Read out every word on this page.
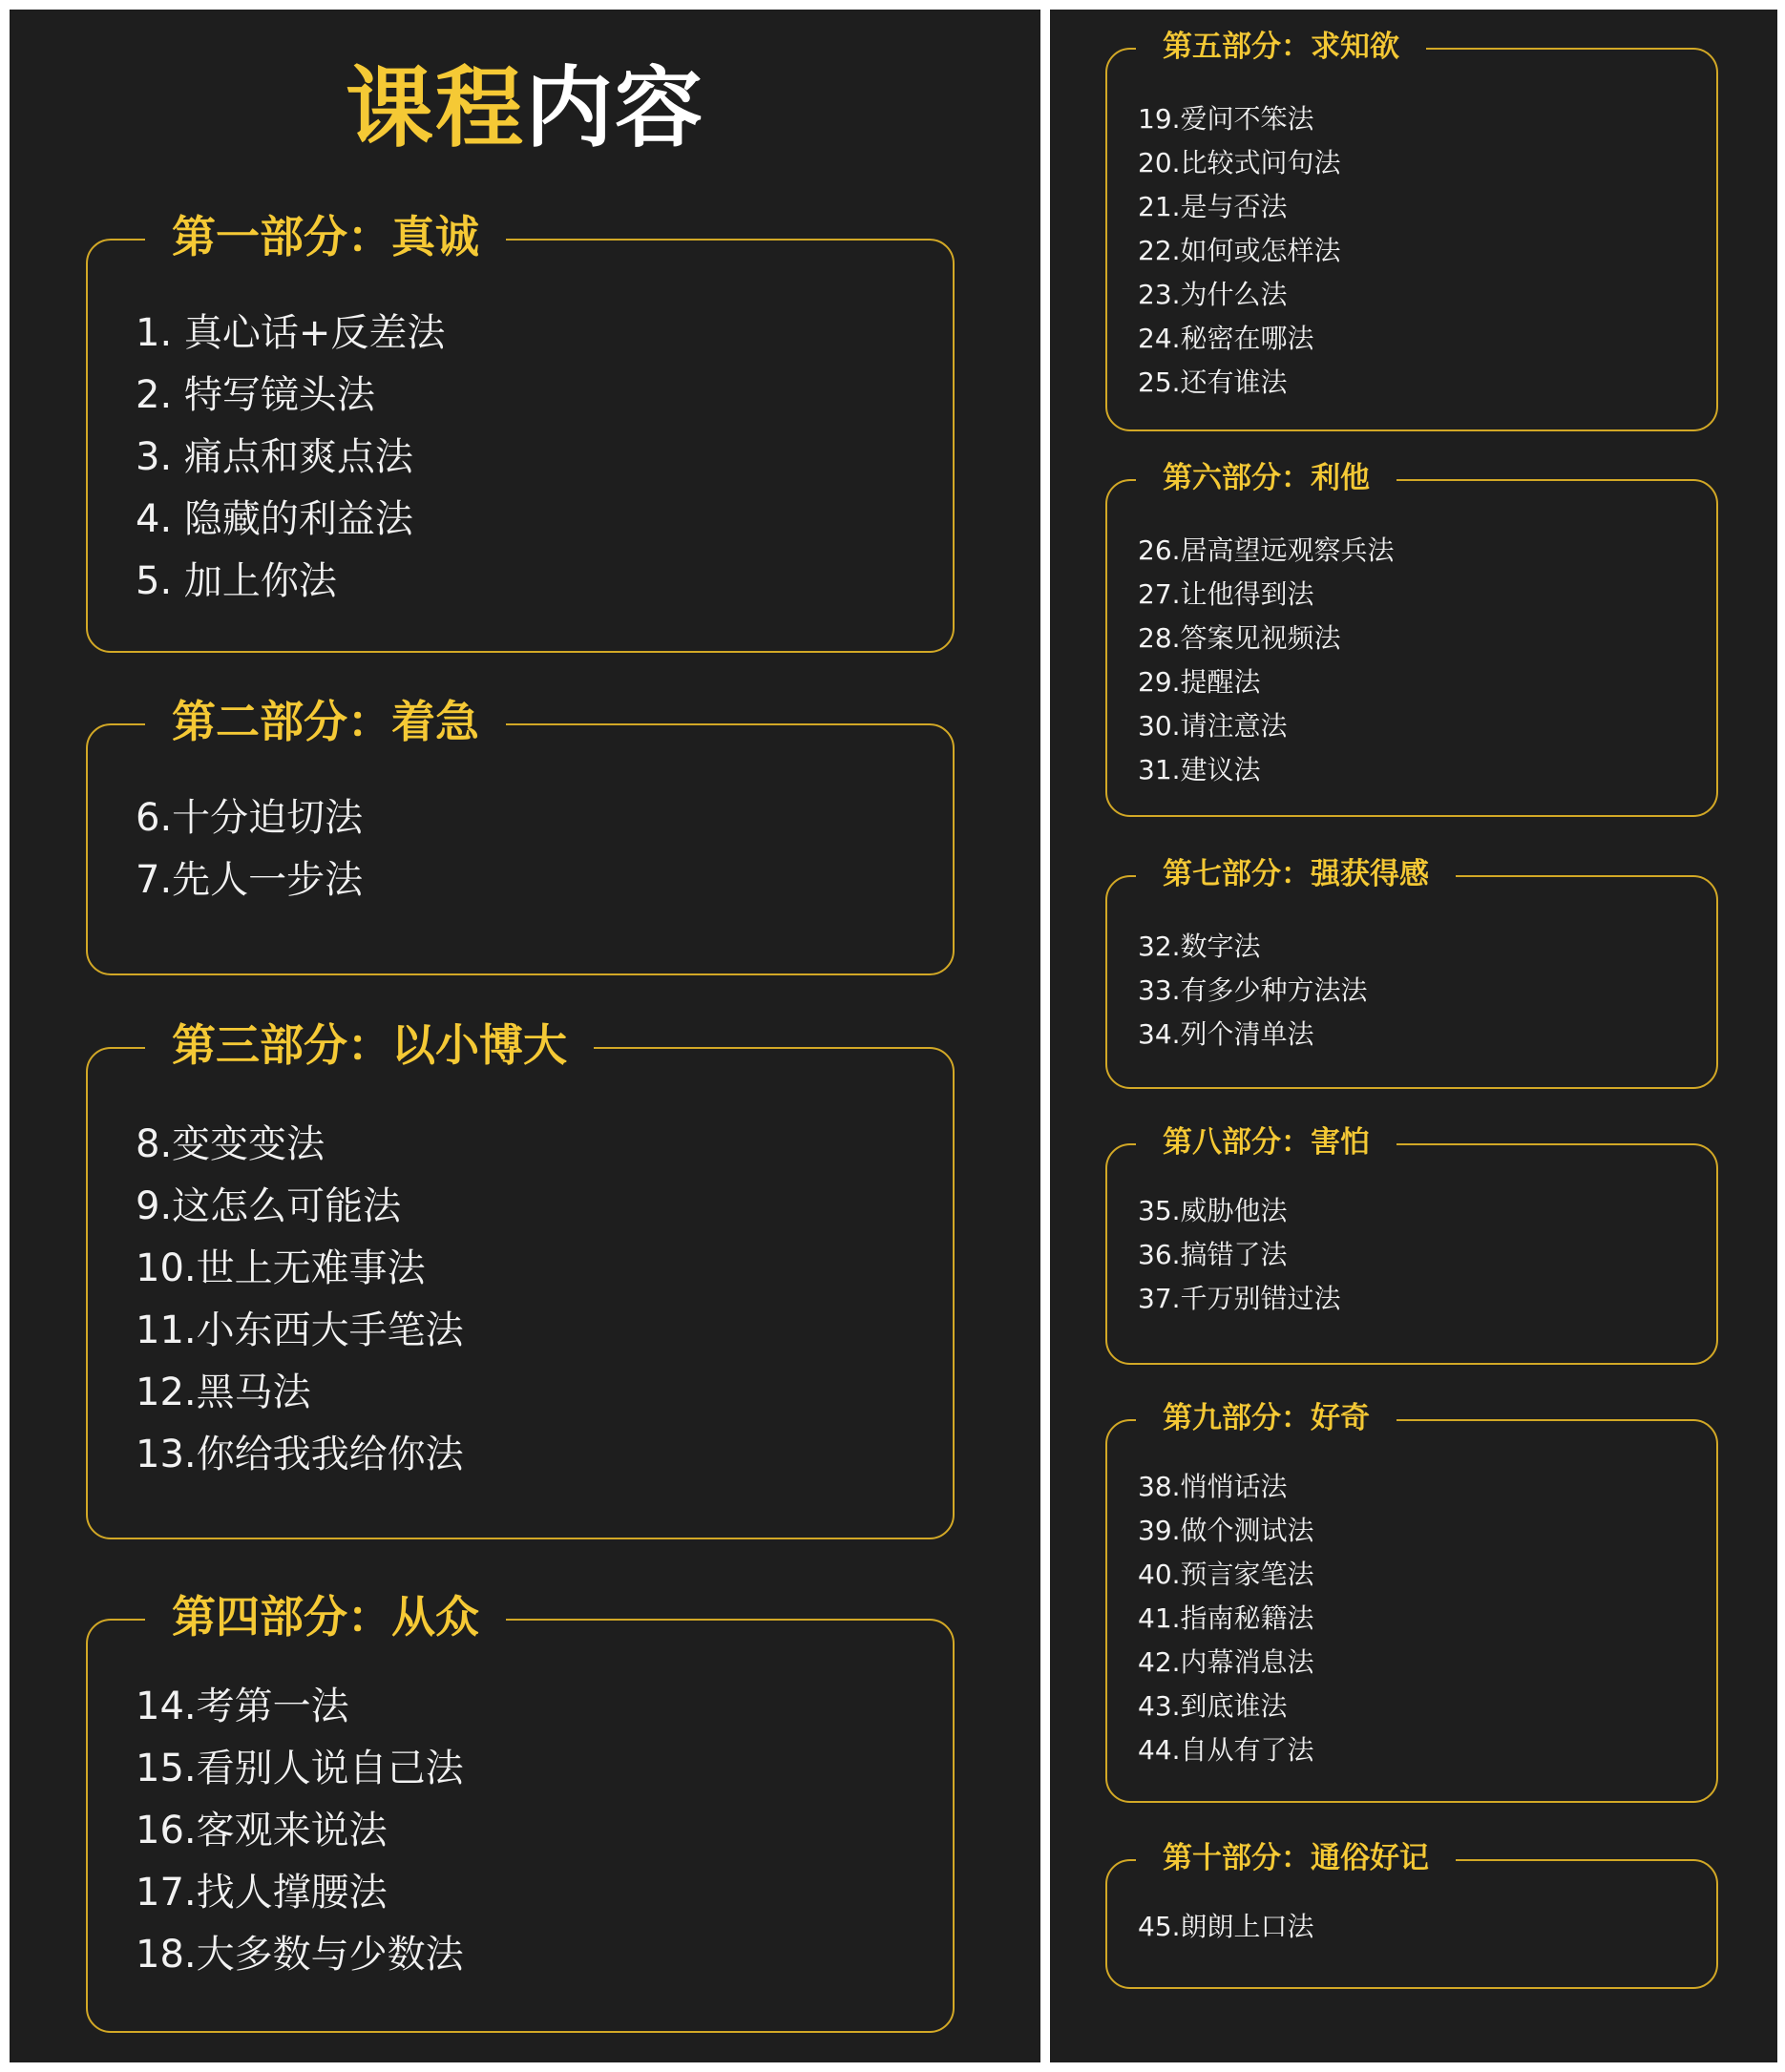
课程内容
第一部分：真诚
1. 真心话+反差法
2. 特写镜头法
3. 痛点和爽点法
4. 隐藏的利益法
5. 加上你法
第二部分：着急
6.十分迫切法
7.先人一步法
第三部分：以小博大
8.变变变法
9.这怎么可能法
10.世上无难事法
11.小东西大手笔法
12.黑马法
13.你给我我给你法
第四部分：从众
14.考第一法
15.看别人说自己法
16.客观来说法
17.找人撑腰法
18.大多数与少数法
第五部分：求知欲
19.爱问不笨法
20.比较式问句法
21.是与否法
22.如何或怎样法
23.为什么法
24.秘密在哪法
25.还有谁法
第六部分：利他
26.居高望远观察兵法
27.让他得到法
28.答案见视频法
29.提醒法
30.请注意法
31.建议法
第七部分：强获得感
32.数字法
33.有多少种方法法
34.列个清单法
第八部分：害怕
35.威胁他法
36.搞错了法
37.千万别错过法
第九部分：好奇
38.悄悄话法
39.做个测试法
40.预言家笔法
41.指南秘籍法
42.内幕消息法
43.到底谁法
44.自从有了法
第十部分：通俗好记
45.朗朗上口法
